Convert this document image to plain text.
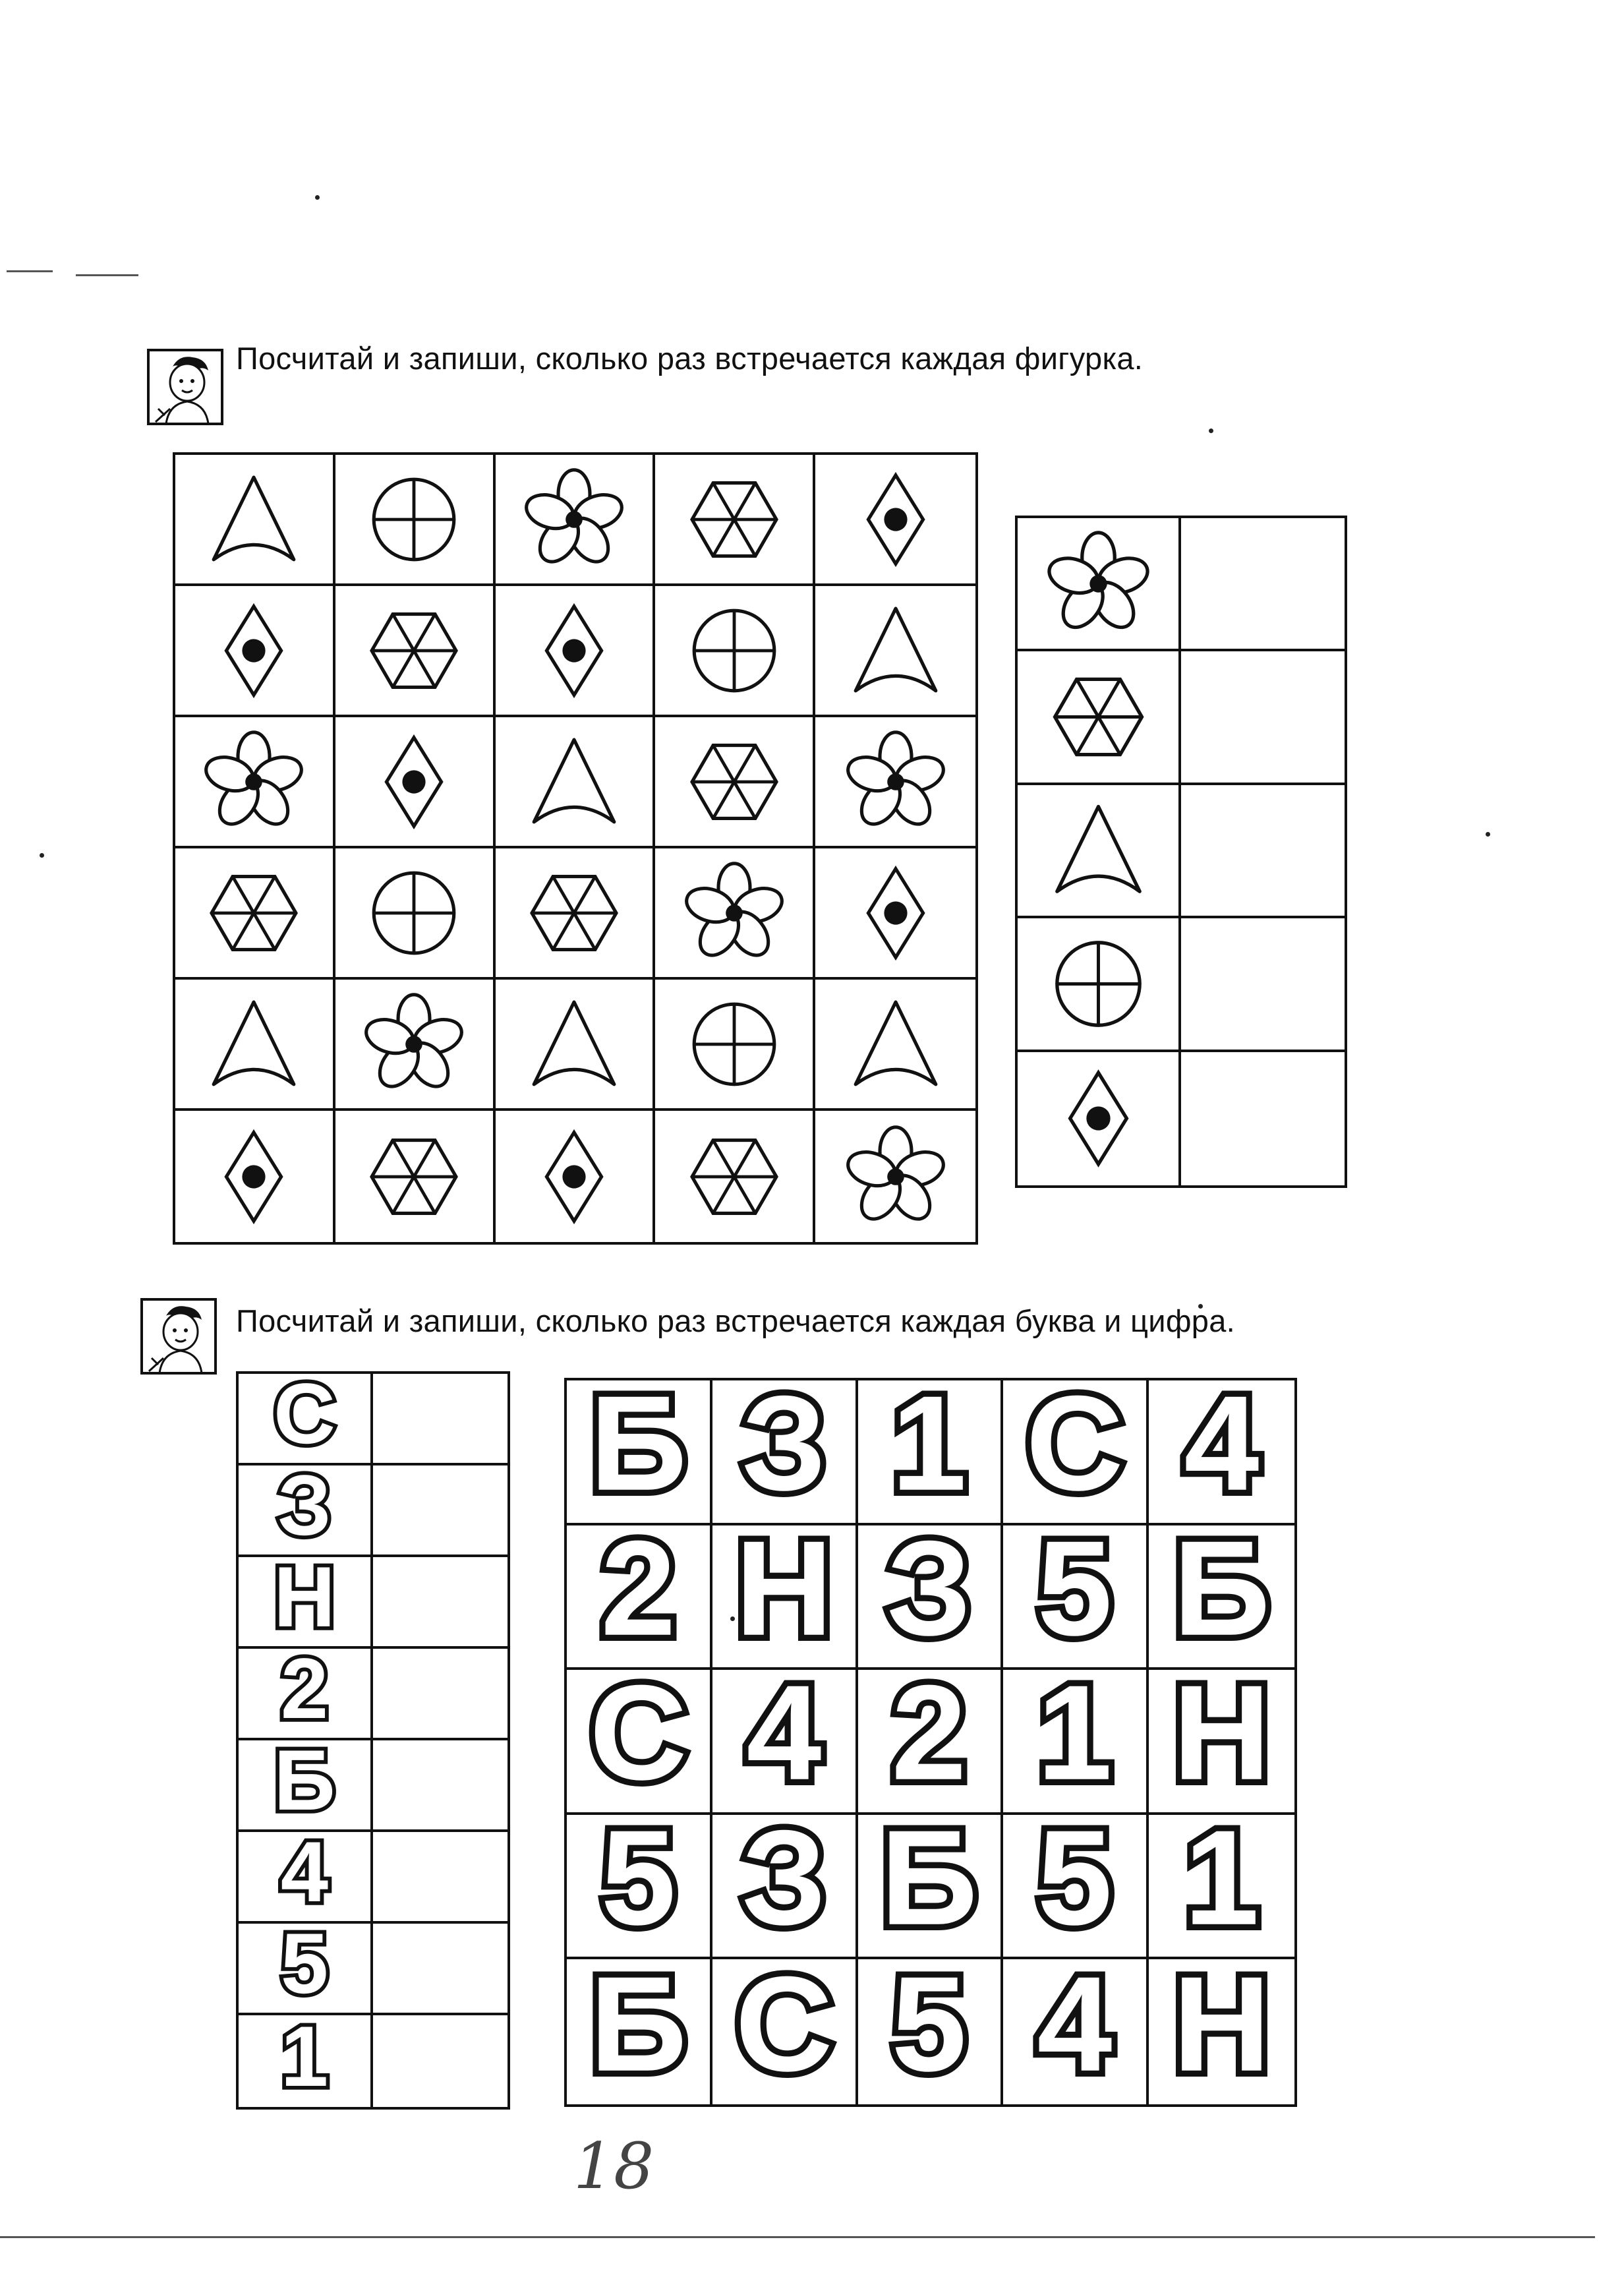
Посчитай и запиши, сколько раз встречается каждая фигурка.
Посчитай и запиши, сколько раз встречается каждая буква и цифра.
С
З
Н
2
Б
4
5
1
Б З 1 С 4
2 Н З 5 Б
С 4 2 1 Н
5 З Б 5 1
Б С 5 4 Н
18
